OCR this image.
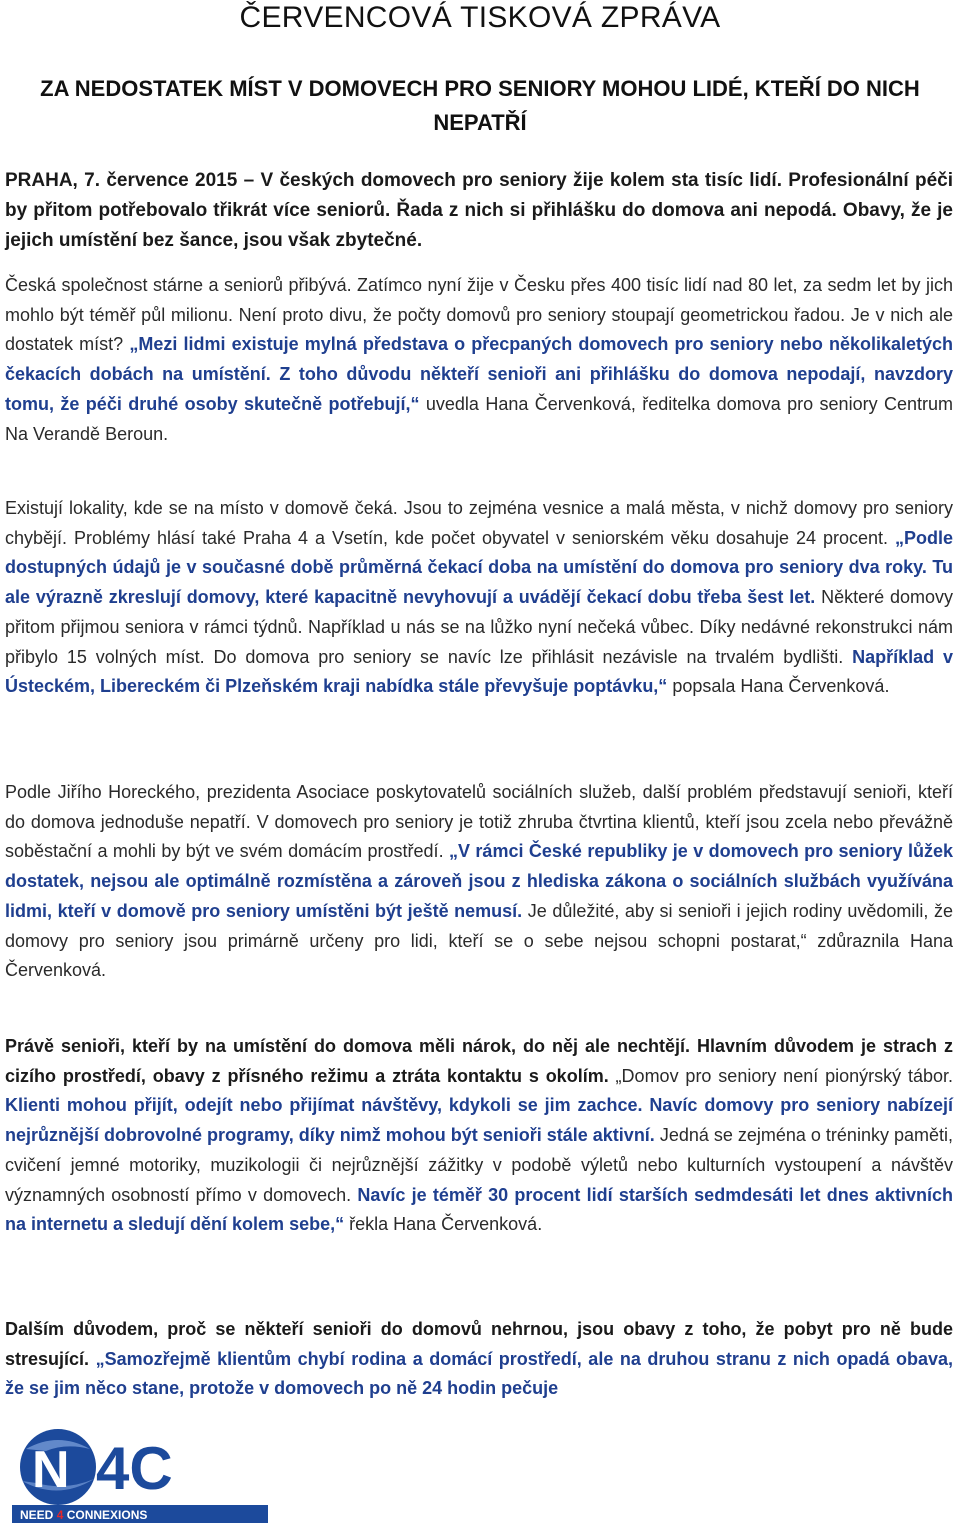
ČERVENCOVÁ TISKOVÁ ZPRÁVA
ZA NEDOSTATEK MÍST V DOMOVECH PRO SENIORY MOHOU LIDÉ, KTEŘÍ DO NICH NEPATŘÍ
PRAHA, 7. července 2015 – V českých domovech pro seniory žije kolem sta tisíc lidí. Profesionální péči by přitom potřebovalo třikrát více seniorů. Řada z nich si přihlášku do domova ani nepodá. Obavy, že je jejich umístění bez šance, jsou však zbytečné.
Česká společnost stárne a seniorů přibývá. Zatímco nyní žije v Česku přes 400 tisíc lidí nad 80 let, za sedm let by jich mohlo být téměř půl milionu. Není proto divu, že počty domovů pro seniory stoupají geometrickou řadou. Je v nich ale dostatek míst? „Mezi lidmi existuje mylná představa o přecpaných domovech pro seniory nebo několikaletých čekacích dobách na umístění. Z toho důvodu někteří senioři ani přihlášku do domova nepodají, navzdory tomu, že péči druhé osoby skutečně potřebují,“ uvedla Hana Červenková, ředitelka domova pro seniory Centrum Na Verandě Beroun.
Existují lokality, kde se na místo v domově čeká. Jsou to zejména vesnice a malá města, v nichž domovy pro seniory chybějí. Problémy hlásí také Praha 4 a Vsetín, kde počet obyvatel v seniorském věku dosahuje 24 procent. „Podle dostupných údajů je v současné době průměrná čekací doba na umístění do domova pro seniory dva roky. Tu ale výrazně zkreslují domovy, které kapacitně nevyhovují a uvádějí čekací dobu třeba šest let. Některé domovy přitom přijmou seniora v rámci týdnů. Například u nás se na lůžko nyní nečeká vůbec. Díky nedávné rekonstrukci nám přibylo 15 volných míst. Do domova pro seniory se navíc lze přihlásit nezávisle na trvalém bydlišti. Například v Ústeckém, Libereckém či Plzeňském kraji nabídka stále převyšuje poptávku,“ popsala Hana Červenková.
Podle Jiřího Horeckého, prezidenta Asociace poskytovatelů sociálních služeb, další problém představují senioři, kteří do domova jednoduše nepatří. V domovech pro seniory je totiž zhruba čtvrtina klientů, kteří jsou zcela nebo převážně soběstační a mohli by být ve svém domácím prostředí. „V rámci České republiky je v domovech pro seniory lůžek dostatek, nejsou ale optimálně rozmístěna a zároveň jsou z hlediska zákona o sociálních službách využívána lidmi, kteří v domově pro seniory umístěni být ještě nemusí. Je důležité, aby si senioři i jejich rodiny uvědomili, že domovy pro seniory jsou primárně určeny pro lidi, kteří se o sebe nejsou schopni postarat,“ zdůraznila Hana Červenková.
Právě senioři, kteří by na umístění do domova měli nárok, do něj ale nechtějí. Hlavním důvodem je strach z cizího prostředí, obavy z přísného režimu a ztráta kontaktu s okolím. „Domov pro seniory není pionýrský tábor. Klienti mohou přijít, odejít nebo přijímat návštěvy, kdykoli se jim zachce. Navíc domovy pro seniory nabízejí nejrůznější dobrovolné programy, díky nimž mohou být senioři stále aktivní. Jedná se zejména o tréninky paměti, cvičení jemné motoriky, muzikologii či nejrůznější zážitky v podobě výletů nebo kulturních vystoupení a návštěv významných osobností přímo v domovech. Navíc je téměř 30 procent lidí starších sedmdesáti let dnes aktivních na internetu a sledují dění kolem sebe,“ řekla Hana Červenková.
Dalším důvodem, proč se někteří senioři do domovů nehrnou, jsou obavy z toho, že pobyt pro ně bude stresující. „Samozřejmě klientům chybí rodina a domácí prostředí, ale na druhou stranu z nich opadá obava, že se jim něco stane, protože v domovech po ně 24 hodin pečuje
N 4C
NEED 4 CONNEXIONS
